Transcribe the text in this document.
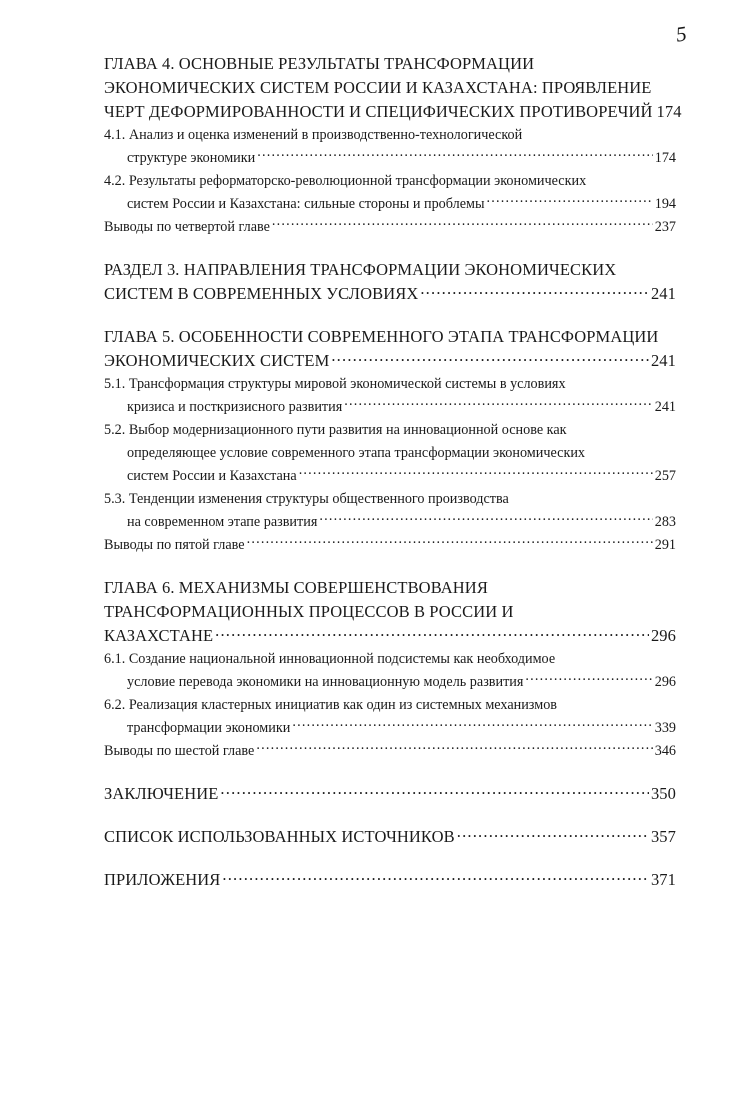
5
ГЛАВА 4. ОСНОВНЫЕ РЕЗУЛЬТАТЫ ТРАНСФОРМАЦИИ
ЭКОНОМИЧЕСКИХ СИСТЕМ РОССИИ И КАЗАХСТАНА: ПРОЯВЛЕНИЕ
ЧЕРТ ДЕФОРМИРОВАННОСТИ И СПЕЦИФИЧЕСКИХ ПРОТИВОРЕЧИЙ 174
4.1. Анализ и оценка изменений в производственно-технологической
структуре экономики .....	174
4.2. Результаты реформаторско-революционной трансформации экономических
систем России и Казахстана: сильные стороны и проблемы .....	194
Выводы по четвертой главе .....	237
РАЗДЕЛ 3. НАПРАВЛЕНИЯ ТРАНСФОРМАЦИИ ЭКОНОМИЧЕСКИХ
СИСТЕМ В СОВРЕМЕННЫХ УСЛОВИЯХ .....	241
ГЛАВА 5. ОСОБЕННОСТИ СОВРЕМЕННОГО ЭТАПА ТРАНСФОРМАЦИИ
ЭКОНОМИЧЕСКИХ СИСТЕМ .....	241
5.1. Трансформация структуры мировой экономической системы в условиях
кризиса и посткризисного развития .....	241
5.2. Выбор модернизационного пути развития на инновационной основе как
определяющее условие современного этапа трансформации экономических
систем России и Казахстана .....	257
5.3. Тенденции изменения структуры общественного производства
на современном этапе развития .....	283
Выводы по пятой главе .....	291
ГЛАВА 6. МЕХАНИЗМЫ СОВЕРШЕНСТВОВАНИЯ
ТРАНСФОРМАЦИОННЫХ ПРОЦЕССОВ В РОССИИ И
КАЗАХСТАНЕ .....	296
6.1. Создание национальной инновационной подсистемы как необходимое
условие перевода экономики на инновационную модель развития .....	296
6.2. Реализация кластерных инициатив как один из системных механизмов
трансформации экономики .....	339
Выводы по шестой главе .....	346
ЗАКЛЮЧЕНИЕ .....	350
СПИСОК ИСПОЛЬЗОВАННЫХ ИСТОЧНИКОВ .....	357
ПРИЛОЖЕНИЯ .....	371
